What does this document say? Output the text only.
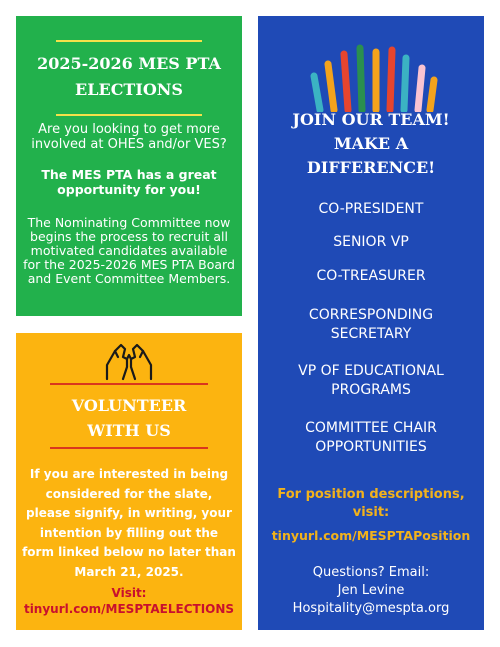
2025-2026 MES PTA
ELECTIONS
Are you looking to get more involved at OHES and/or VES?
The MES PTA has a great opportunity for you!
The Nominating Committee now begins the process to recruit all motivated candidates available for the 2025-2026 MES PTA Board and Event Committee Members.
VOLUNTEER
WITH US
If you are interested in being considered for the slate, please signify, in writing, your intention by filling out the form linked below no later than March 21, 2025.
Visit:
tinyurl.com/MESPTAELECTIONS
JOIN OUR TEAM!
MAKE A
DIFFERENCE!
CO-PRESIDENT
SENIOR VP
CO-TREASURER
CORRESPONDING
SECRETARY
VP OF EDUCATIONAL
PROGRAMS
COMMITTEE CHAIR
OPPORTUNITIES
For position descriptions,
visit:
tinyurl.com/MESPTAPosition
Questions? Email:
Jen Levine
Hospitality@mespta.org
